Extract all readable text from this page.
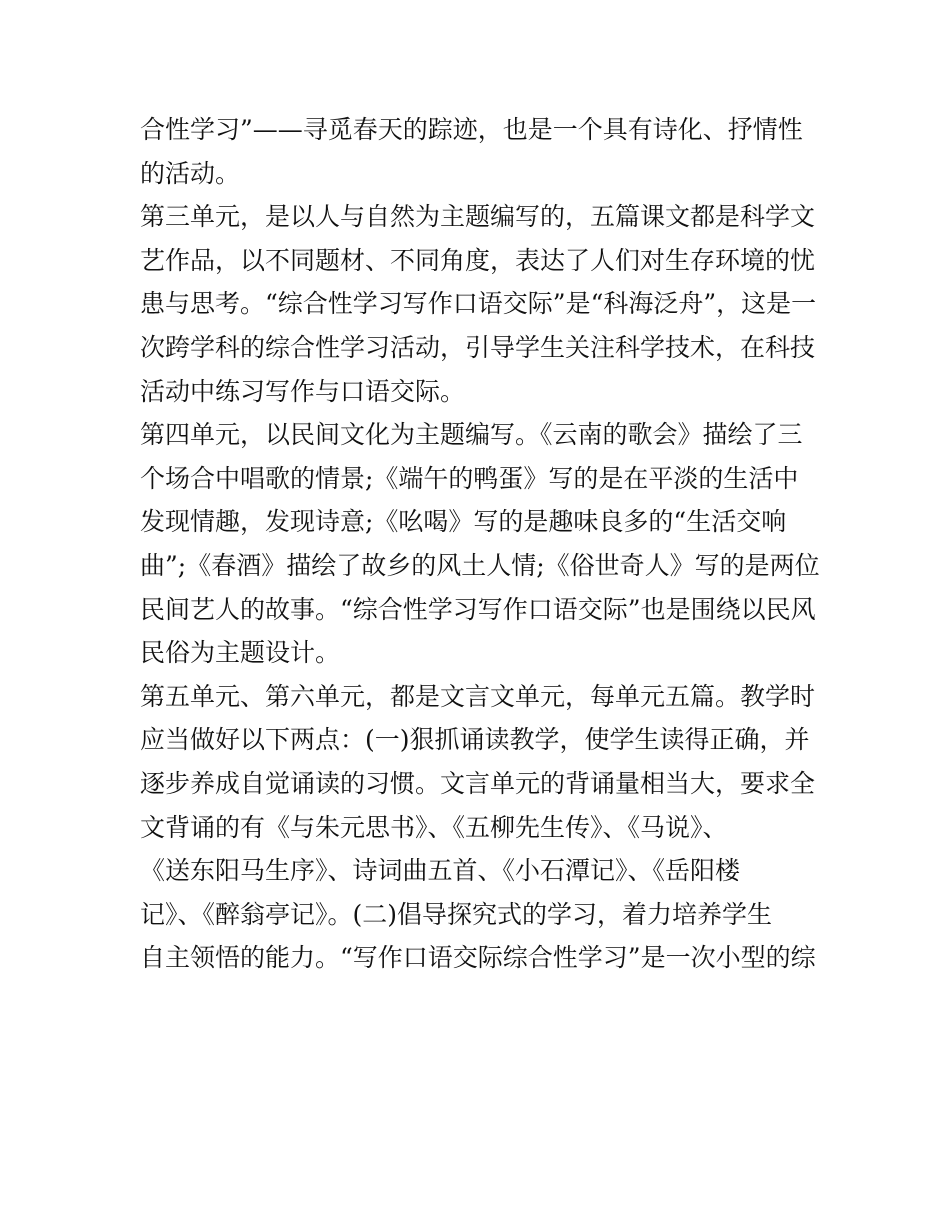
合性学习”——寻觅春天的踪迹，也是一个具有诗化、抒情性
的活动。
第三单元，是以人与自然为主题编写的，五篇课文都是科学文
艺作品，以不同题材、不同角度，表达了人们对生存环境的忧
患与思考。“综合性学习写作口语交际”是“科海泛舟”，这是一
次跨学科的综合性学习活动，引导学生关注科学技术，在科技
活动中练习写作与口语交际。
第四单元，以民间文化为主题编写。《云南的歌会》描绘了三
个场合中唱歌的情景;《端午的鸭蛋》写的是在平淡的生活中
发现情趣，发现诗意;《吆喝》写的是趣味良多的“生活交响
曲”;《春酒》描绘了故乡的风土人情;《俗世奇人》写的是两位
民间艺人的故事。“综合性学习写作口语交际”也是围绕以民风
民俗为主题设计。
第五单元、第六单元，都是文言文单元，每单元五篇。教学时
应当做好以下两点：(一)狠抓诵读教学，使学生读得正确，并
逐步养成自觉诵读的习惯。文言单元的背诵量相当大，要求全
文背诵的有《与朱元思书》、《五柳先生传》、《马说》、
《送东阳马生序》、诗词曲五首、《小石潭记》、《岳阳楼
记》、《醉翁亭记》。(二)倡导探究式的学习，着力培养学生
自主领悟的能力。“写作口语交际综合性学习”是一次小型的综
